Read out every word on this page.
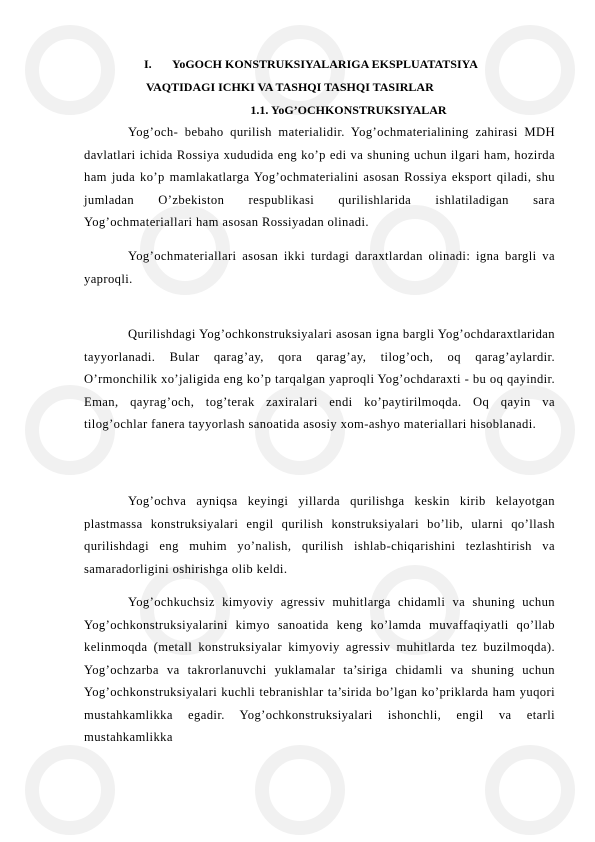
I. YoGOCH KONSTRUKSIYALARIGA EKSPLUATATSIYA
VAQTIDAGI ICHKI VA TASHQI TASHQI TASIRLAR
1.1. YoG’OCHKONSTRUKSIYALAR

Yog’och- bebaho qurilish materialidir. Yog’ochmaterialining zahirasi MDH davlatlari ichida Rossiya xududida eng ko’p edi va shuning uchun ilgari ham, hozirda ham juda ko’p mamlakatlarga Yog’ochmaterialini asosan Rossiya eksport qiladi, shu jumladan O’zbekiston respublikasi qurilishlarida ishlatiladigan sara Yog’ochmateriallari ham asosan Rossiyadan olinadi.

Yog’ochmateriallari asosan ikki turdagi daraxtlardan olinadi: igna bargli va yaproqli.

Qurilishdagi Yog’ochkonstruksiyalari asosan igna bargli Yog’ochdaraxtlaridan tayyorlanadi. Bular qarag’ay, qora qarag’ay, tilog’och, oq qarag’aylardir. O’rmonchilik xo’jaligida eng ko’p tarqalgan yaproqli Yog’ochdaraxti - bu oq qayindir. Eman, qayrag’och, tog’terak zaxiralari endi ko’paytirilmoqda. Oq qayin va tilog’ochlar fanera tayyorlash sanoatida asosiy xom-ashyo materiallari hisoblanadi.

Yog’ochva ayniqsa keyingi yillarda qurilishga keskin kirib kelayotgan plastmassa konstruksiyalari engil qurilish konstruksiyalari bo’lib, ularni qo’llash qurilishdagi eng muhim yo’nalish, qurilish ishlab-chiqarishini tezlashtirish va samaradorligini oshirishga olib keldi.

Yog’ochkuchsiz kimyoviy agressiv muhitlarga chidamli va shuning uchun Yog’ochkonstruksiyalarini kimyo sanoatida keng ko’lamda muvaffaqiyatli qo’llab kelinmoqda (metall konstruksiyalar kimyoviy agressiv muhitlarda tez buzilmoqda). Yog’ochzarba va takrorlanuvchi yuklamalar ta’siriga chidamli va shuning uchun Yog’ochkonstruksiyalari kuchli tebranishlar ta’sirida bo’lgan ko’priklarda ham yuqori mustahkamlikka egadir. Yog’ochkonstruksiyalari ishonchli, engil va etarli mustahkamlikka
